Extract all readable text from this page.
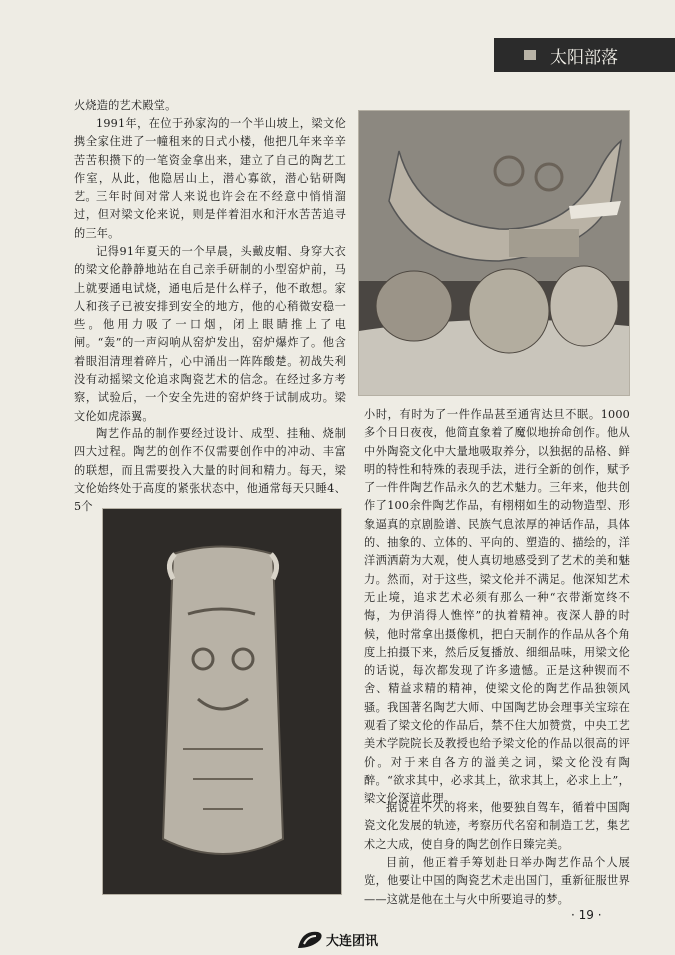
太阳部落

火烧造的艺术殿堂。

1991年，在位于孙家沟的一个半山坡上，梁文伦携全家住进了一幢租来的日式小楼，他把几年来辛辛苦苦积攒下的一笔资金拿出来，建立了自己的陶艺工作室，从此，他隐居山上，潜心寡欲，潜心钻研陶艺。 三年时间对常人来说也许会在不经意中悄悄溜过，但对梁文伦来说，则是伴着泪水和汗水苦苦追寻的三年。

记得91年夏天的一个早晨，头戴皮帽、身穿大衣的梁文伦静静地站在自己亲手研制的小型窑炉前，马上就要通电试烧，通电后是什么样子，他不敢想。家人和孩子已被安排到安全的地方，他的心稍微安稳一些。他用力吸了一口烟，闭上眼睛推上了电闸。“轰”的一声闷响从窑炉发出，窑炉爆炸了。他含着眼泪清理着碎片，心中涌出一阵阵酸楚。初战失利没有动摇梁文伦追求陶瓷艺术的信念。在经过多方考察，试验后，一个安全先进的窑炉终于试制成功。梁文伦如虎添翼。

陶艺作品的制作要经过设计、成型、挂釉、烧制四大过程。陶艺的创作不仅需要创作中的冲动、丰富的联想，而且需要投入大量的时间和精力。每天，梁文伦始终处于高度的紧张状态中，他通常每天只睡4、5个

小时，有时为了一件作品甚至通宵达旦不眠。1000多个日日夜夜，他简直象着了魔似地拚命创作。他从中外陶瓷文化中大量地吸取养分，以独据的品格、鲜明的特性和特殊的表现手法，进行全新的创作，赋予了一件件陶艺作品永久的艺术魅力。三年来，他共创作了100余件陶艺作品，有栩栩如生的动物造型、形象逼真的京剧脸谱、民族气息浓厚的神话作品，具体的、抽象的、立体的、平向的、塑造的、描绘的，洋洋洒洒蔚为大观，使人真切地感受到了艺术的美和魅力。然而，对于这些，梁文伦并不满足。他深知艺术无止境，追求艺术必须有那么一种“衣带渐宽终不悔，为伊消得人憔悴”的执着精神。夜深人静的时候，他时常拿出摄像机，把白天制作的作品从各个角度上拍摄下来，然后反复播放、细细品味，用梁文伦的话说，每次都发现了许多遗憾。正是这种锲而不舍、精益求精的精神，使梁文伦的陶艺作品独领风骚。我国著名陶艺大师、中国陶艺协会理事关宝琮在观看了梁文伦的作品后，禁不住大加赞赏，中央工艺美术学院院长及教授也给予梁文伦的作品以很高的评价。对于来自各方的溢美之词，梁文伦没有陶醉。“欲求其中，必求其上，欲求其上，必求上上”，梁文伦深谙此理。

据说在不久的将来，他要独自驾车，循着中国陶瓷文化发展的轨迹，考察历代名窑和制造工艺，集艺术之大成，使自身的陶艺创作日臻完美。

目前，他正着手筹划赴日举办陶艺作品个人展览，他要让中国的陶瓷艺术走出国门，重新征服世界——这就是他在土与火中所要追寻的梦。

· 19 ·
大连团讯
